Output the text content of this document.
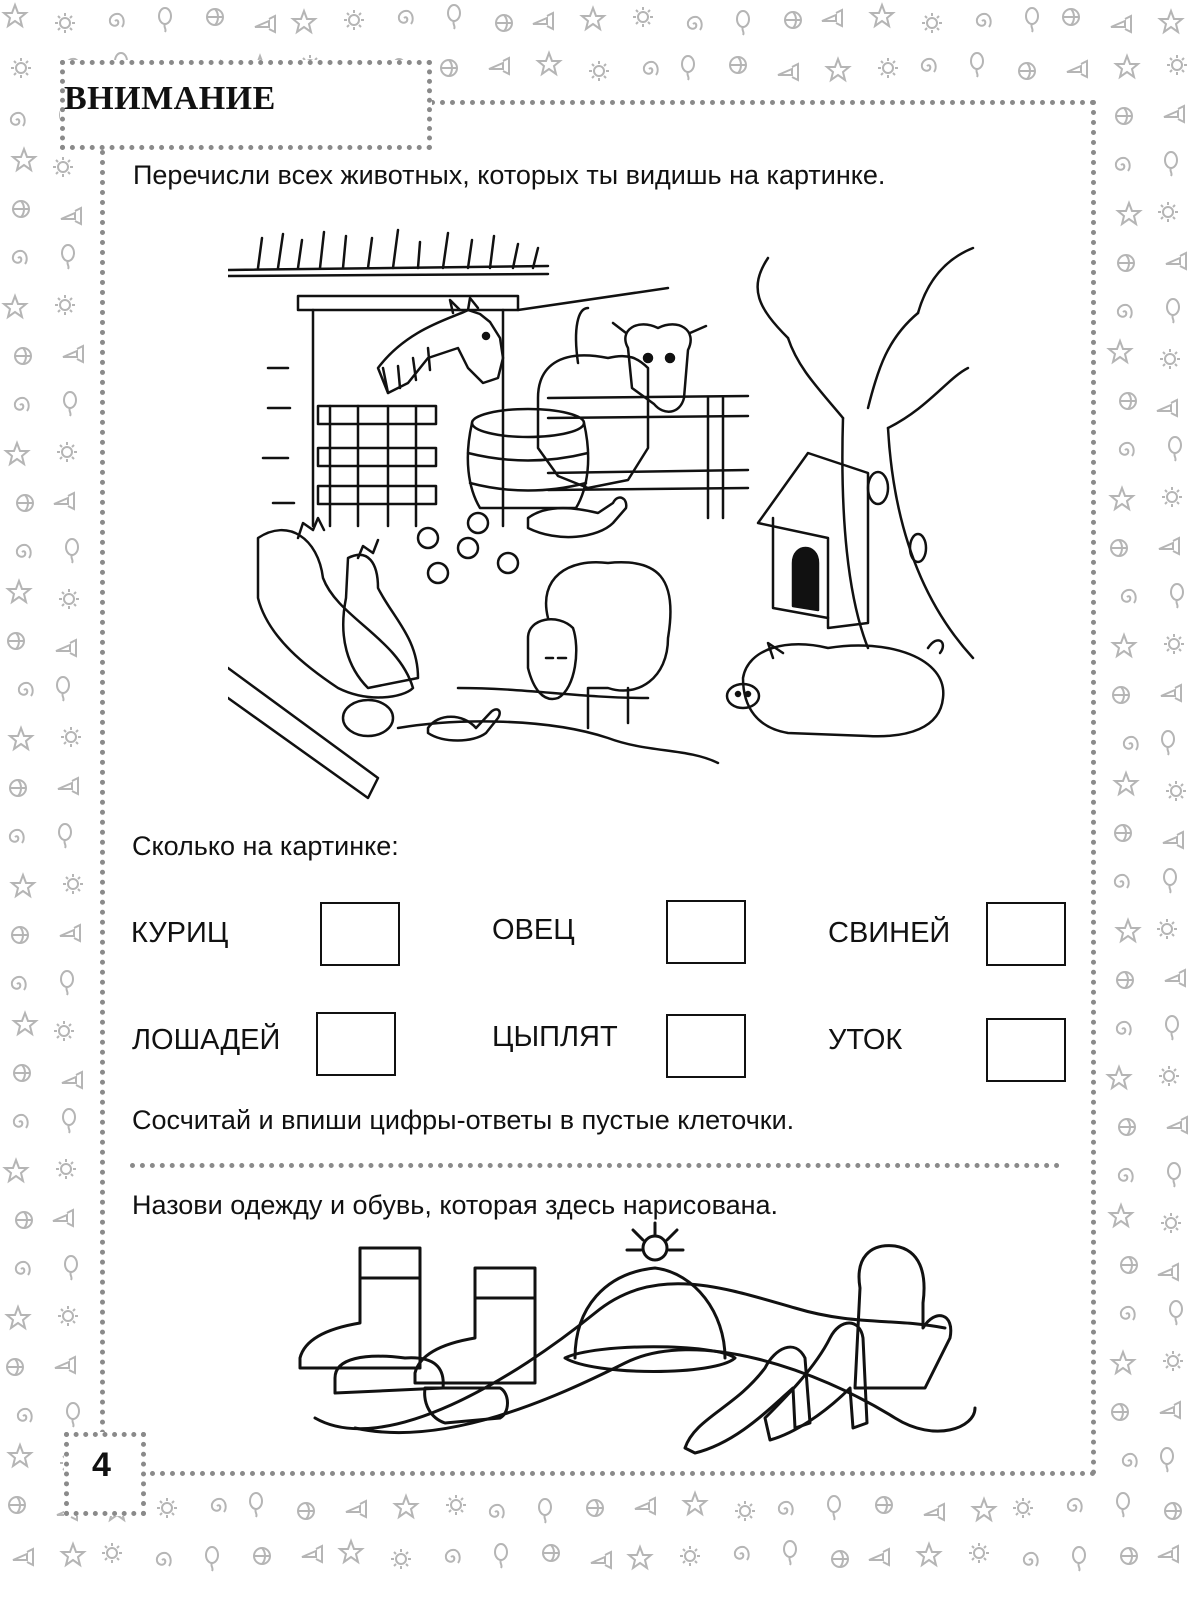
ВНИМАНИЕ
Перечисли всех животных, которых ты видишь на картинке.
Сколько на картинке:
КУРИЦ	ОВЕЦ	СВИНЕЙ
ЛОШАДЕЙ	ЦЫПЛЯТ	УТОК
Сосчитай и впиши цифры-ответы в пустые клеточки.
Назови одежду и обувь, которая здесь нарисована.
4
